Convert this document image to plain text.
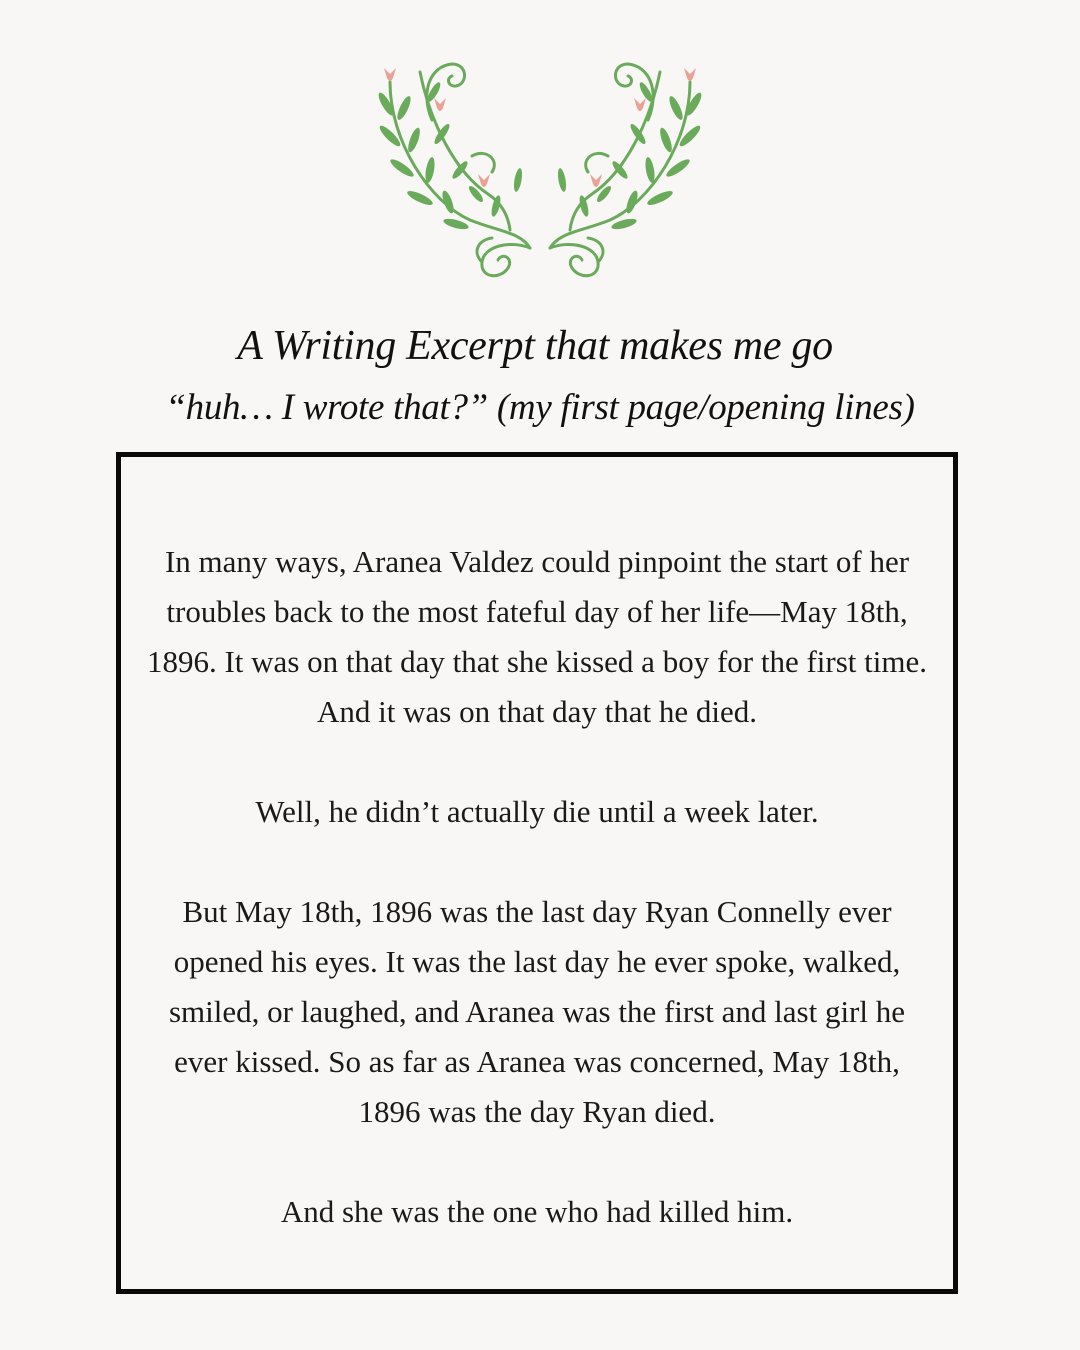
A Writing Excerpt that makes me go
“huh… I wrote that?” (my first page/opening lines)

In many ways, Aranea Valdez could pinpoint the start of her troubles back to the most fateful day of her life—May 18th, 1896. It was on that day that she kissed a boy for the first time. And it was on that day that he died.

Well, he didn’t actually die until a week later.

But May 18th, 1896 was the last day Ryan Connelly ever opened his eyes. It was the last day he ever spoke, walked, smiled, or laughed, and Aranea was the first and last girl he ever kissed. So as far as Aranea was concerned, May 18th, 1896 was the day Ryan died.

And she was the one who had killed him.
